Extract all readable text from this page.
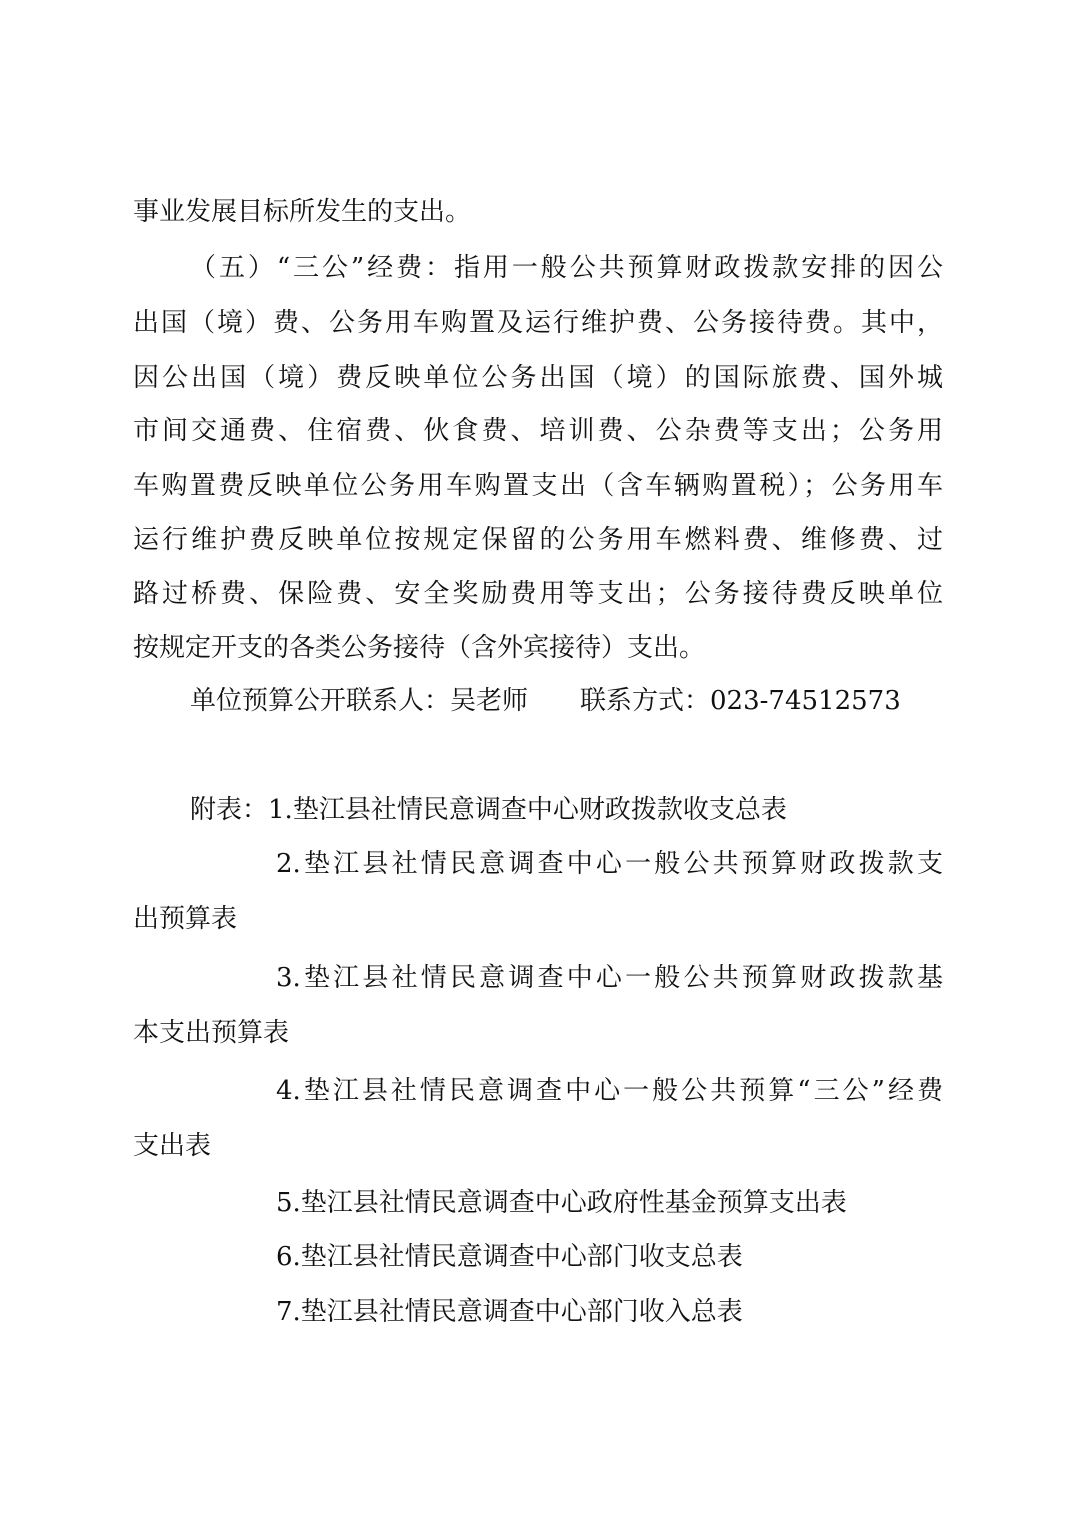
事业发展目标所发生的支出。
（五）“三公”经费：指用一般公共预算财政拨款安排的因公
出国（境）费、公务用车购置及运行维护费、公务接待费。其中，
因公出国（境）费反映单位公务出国（境）的国际旅费、国外城
市间交通费、住宿费、伙食费、培训费、公杂费等支出；公务用
车购置费反映单位公务用车购置支出（含车辆购置税）；公务用车
运行维护费反映单位按规定保留的公务用车燃料费、维修费、过
路过桥费、保险费、安全奖励费用等支出；公务接待费反映单位
按规定开支的各类公务接待（含外宾接待）支出。
单位预算公开联系人：吴老师 联系方式：023-74512573
附表：1.垫江县社情民意调查中心财政拨款收支总表
2.垫江县社情民意调查中心一般公共预算财政拨款支
出预算表
3.垫江县社情民意调查中心一般公共预算财政拨款基
本支出预算表
4.垫江县社情民意调查中心一般公共预算“三公”经费
支出表
5.垫江县社情民意调查中心政府性基金预算支出表
6.垫江县社情民意调查中心部门收支总表
7.垫江县社情民意调查中心部门收入总表
